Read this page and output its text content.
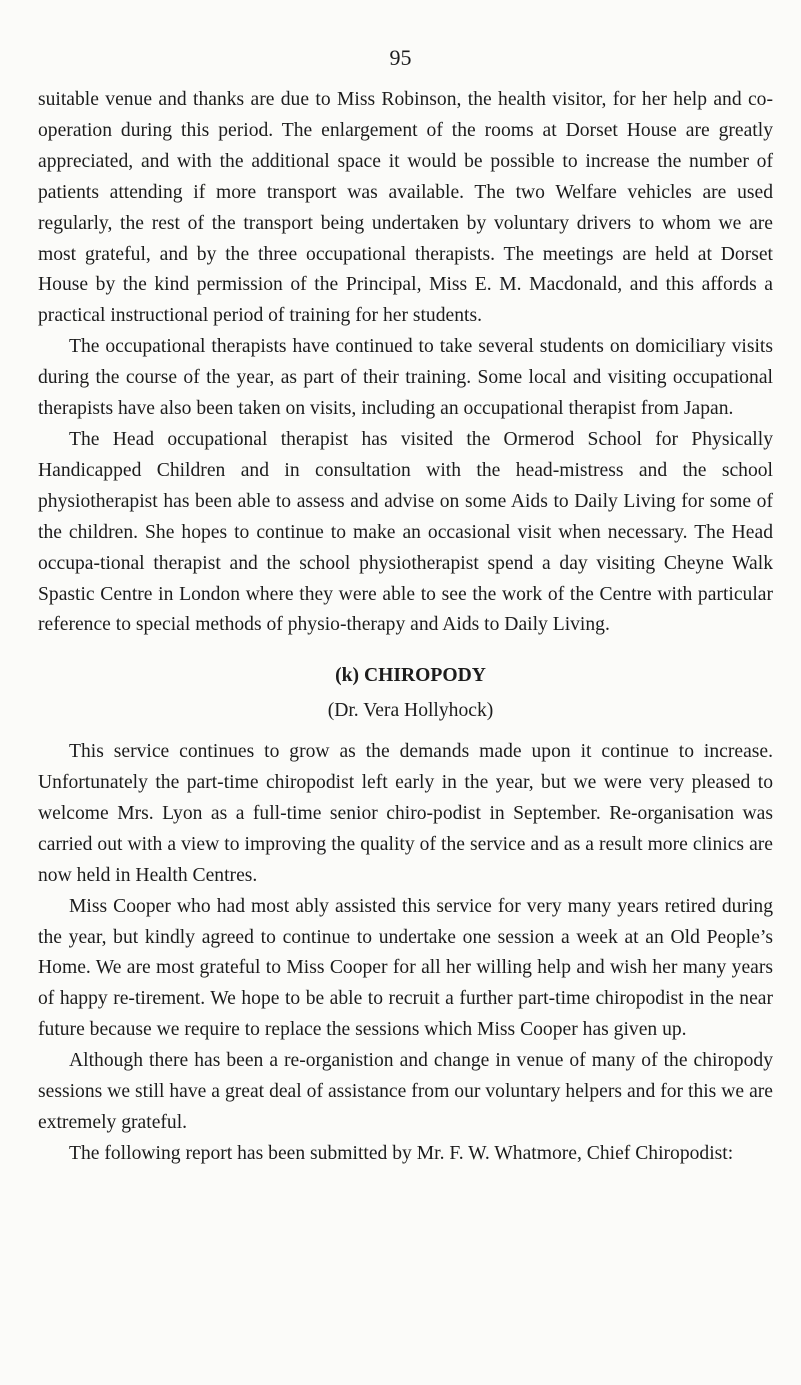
95

suitable venue and thanks are due to Miss Robinson, the health visitor, for her help and co-operation during this period. The enlargement of the rooms at Dorset House are greatly appreciated, and with the additional space it would be possible to increase the number of patients attending if more transport was available. The two Welfare vehicles are used regularly, the rest of the transport being undertaken by voluntary drivers to whom we are most grateful, and by the three occupational therapists. The meetings are held at Dorset House by the kind permission of the Principal, Miss E. M. Macdonald, and this affords a practical instructional period of training for her students.

The occupational therapists have continued to take several students on domiciliary visits during the course of the year, as part of their training. Some local and visiting occupational therapists have also been taken on visits, including an occupational therapist from Japan.

The Head occupational therapist has visited the Ormerod School for Physically Handicapped Children and in consultation with the head-mistress and the school physiotherapist has been able to assess and advise on some Aids to Daily Living for some of the children. She hopes to continue to make an occasional visit when necessary. The Head occupa-tional therapist and the school physiotherapist spend a day visiting Cheyne Walk Spastic Centre in London where they were able to see the work of the Centre with particular reference to special methods of physio-therapy and Aids to Daily Living.

(k) CHIROPODY
(Dr. Vera Hollyhock)

This service continues to grow as the demands made upon it continue to increase. Unfortunately the part-time chiropodist left early in the year, but we were very pleased to welcome Mrs. Lyon as a full-time senior chiro-podist in September. Re-organisation was carried out with a view to improving the quality of the service and as a result more clinics are now held in Health Centres.

Miss Cooper who had most ably assisted this service for very many years retired during the year, but kindly agreed to continue to undertake one session a week at an Old People’s Home. We are most grateful to Miss Cooper for all her willing help and wish her many years of happy re-tirement. We hope to be able to recruit a further part-time chiropodist in the near future because we require to replace the sessions which Miss Cooper has given up.

Although there has been a re-organistion and change in venue of many of the chiropody sessions we still have a great deal of assistance from our voluntary helpers and for this we are extremely grateful.

The following report has been submitted by Mr. F. W. Whatmore, Chief Chiropodist:
